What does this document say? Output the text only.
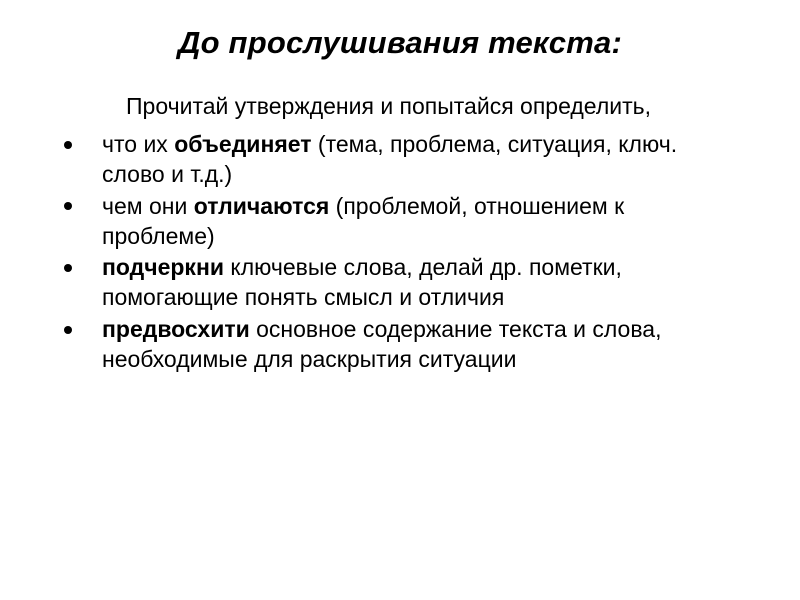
До прослушивания текста:

Прочитай утверждения и попытайся определить,

что их объединяет (тема, проблема, ситуация, ключ. слово и т.д.)
чем они отличаются (проблемой, отношением к проблеме)
подчеркни ключевые слова, делай др. пометки, помогающие понять смысл и отличия
предвосхити основное содержание текста и слова, необходимые для раскрытия ситуации
